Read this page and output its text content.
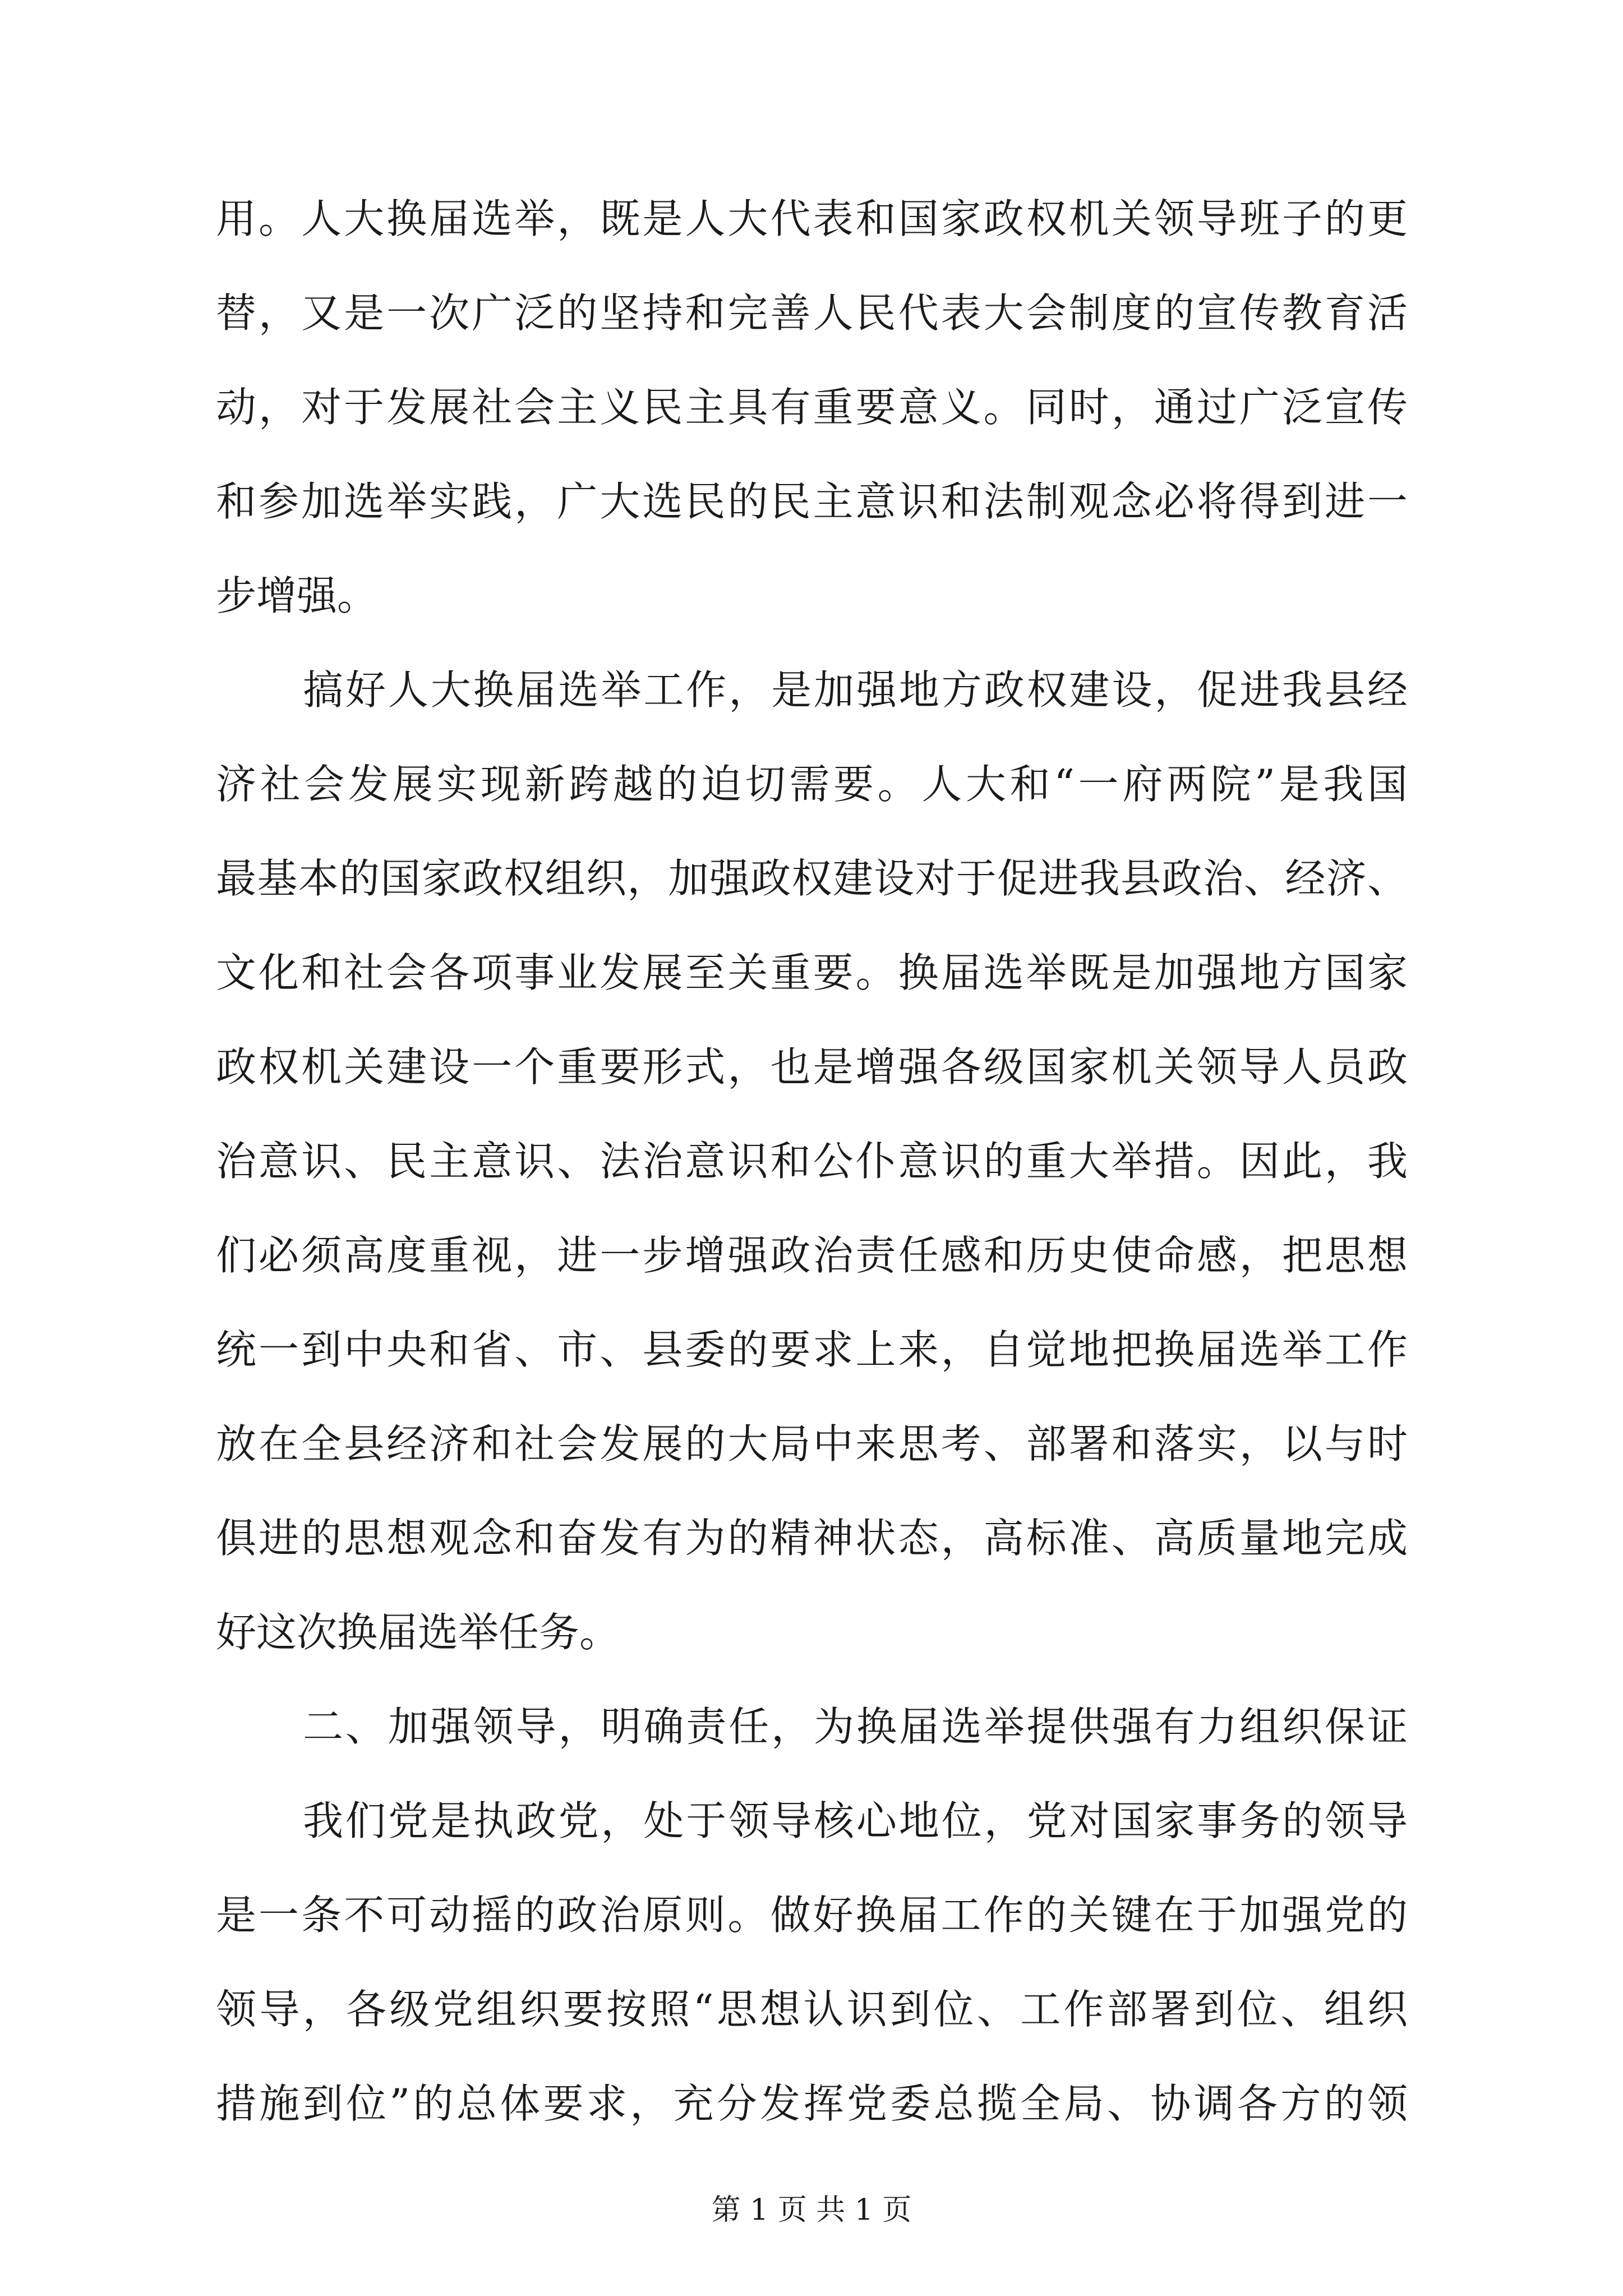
用。人大换届选举，既是人大代表和国家政权机关领导班子的更
替，又是一次广泛的坚持和完善人民代表大会制度的宣传教育活
动，对于发展社会主义民主具有重要意义。同时，通过广泛宣传
和参加选举实践，广大选民的民主意识和法制观念必将得到进一
步增强。
搞好人大换届选举工作，是加强地方政权建设，促进我县经
济社会发展实现新跨越的迫切需要。人大和“一府两院”是我国
最基本的国家政权组织，加强政权建设对于促进我县政治、经济、
文化和社会各项事业发展至关重要。换届选举既是加强地方国家
政权机关建设一个重要形式，也是增强各级国家机关领导人员政
治意识、民主意识、法治意识和公仆意识的重大举措。因此，我
们必须高度重视，进一步增强政治责任感和历史使命感，把思想
统一到中央和省、市、县委的要求上来，自觉地把换届选举工作
放在全县经济和社会发展的大局中来思考、部署和落实，以与时
俱进的思想观念和奋发有为的精神状态，高标准、高质量地完成
好这次换届选举任务。
二、加强领导，明确责任，为换届选举提供强有力组织保证
我们党是执政党，处于领导核心地位，党对国家事务的领导
是一条不可动摇的政治原则。做好换届工作的关键在于加强党的
领导，各级党组织要按照“思想认识到位、工作部署到位、组织
措施到位”的总体要求，充分发挥党委总揽全局、协调各方的领
第 1 页 共 1 页
